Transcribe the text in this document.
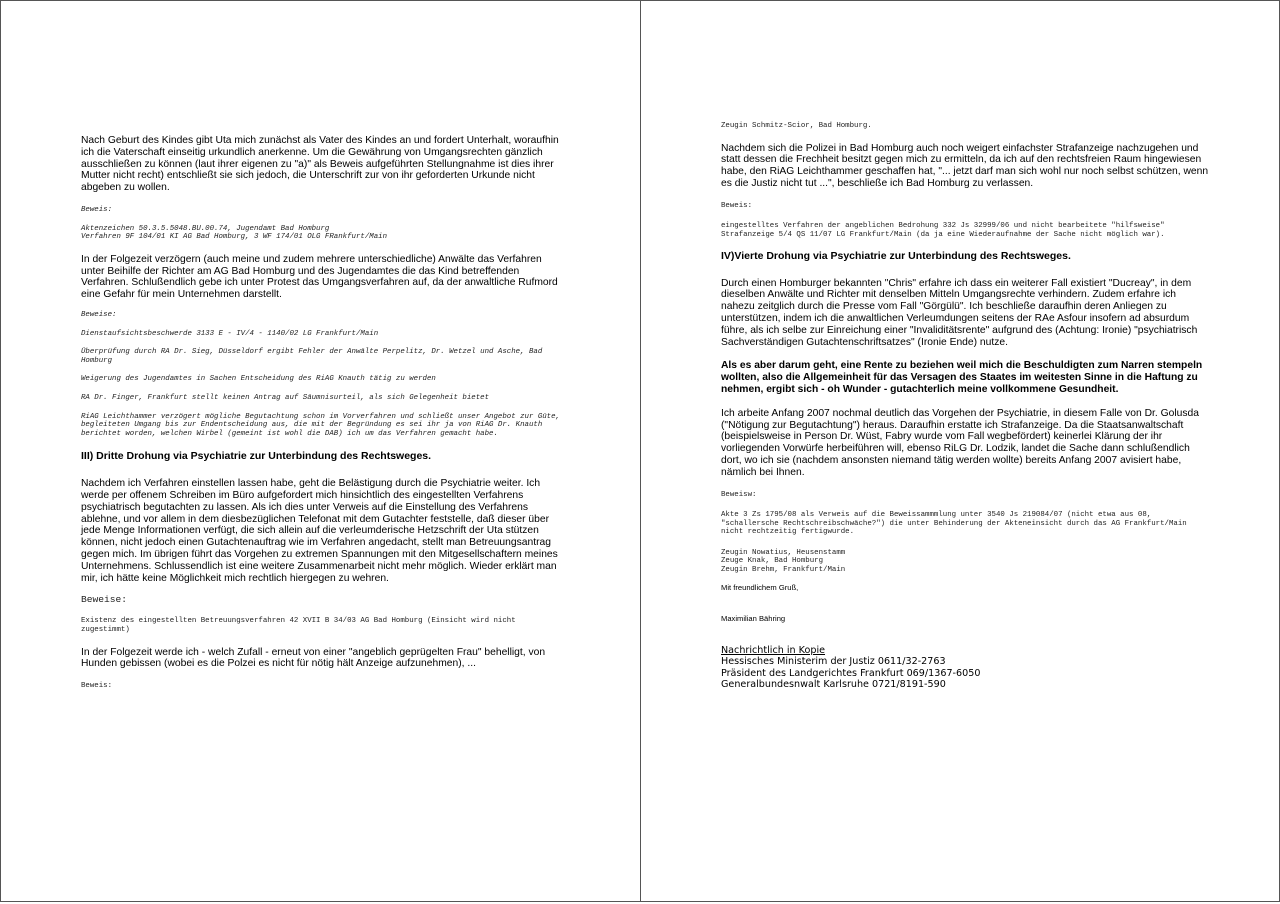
Nach Geburt des Kindes gibt Uta mich zunächst als Vater des Kindes an und fordert Unterhalt, woraufhin ich die Vaterschaft einseitig urkundlich anerkenne. Um die Gewährung von Umgangsrechten gänzlich ausschließen zu können (laut ihrer eigenen zu "a)" als Beweis aufgeführten Stellungnahme ist dies ihrer Mutter nicht recht) entschließt sie sich jedoch, die Unterschrift zur von ihr geforderten Urkunde nicht abgeben zu wollen.

Beweis:

Aktenzeichen 50.3.5.5048.BU.00.74, Jugendamt Bad Homburg
Verfahren 9F 104/01 KI AG Bad Homburg, 3 WF 174/01 OLG FRankfurt/Main

In der Folgezeit verzögern (auch meine und zudem mehrere unterschiedliche) Anwälte das Verfahren unter Beihilfe der Richter am AG Bad Homburg und des Jugendamtes die das Kind betreffenden Verfahren. Schlußendlich gebe ich unter Protest das Umgangsverfahren auf, da der anwaltliche Rufmord eine Gefahr für mein Unternehmen darstellt.

Beweise:

Dienstaufsichtsbeschwerde 3133 E - IV/4 - 1140/02 LG Frankfurt/Main

Überprüfung durch RA Dr. Sieg, Düsseldorf ergibt Fehler der Anwälte Perpelitz, Dr. Wetzel und Asche, Bad Homburg

Weigerung des Jugendamtes in Sachen Entscheidung des RiAG Knauth tätig zu werden

RA Dr. Finger, Frankfurt stellt keinen Antrag auf Säumnisurteil, als sich Gelegenheit bietet

RiAG Leichthammer verzögert mögliche Begutachtung schon im Vorverfahren und schließt unser Angebot zur Güte, begleiteten Umgang bis zur Endentscheidung aus, die mit der Begründung es sei ihr ja von RiAG Dr. Knauth berichtet worden, welchen Wirbel (gemeint ist wohl die DAB) ich um das Verfahren gemacht habe.

III) Dritte Drohung via Psychiatrie zur Unterbindung des Rechtsweges.

Nachdem ich Verfahren einstellen lassen habe, geht die Belästigung durch die Psychiatrie weiter. Ich werde per offenem Schreiben im Büro aufgefordert mich hinsichtlich des eingestellten Verfahrens psychiatrisch begutachten zu lassen. Als ich dies unter Verweis auf die Einstellung des Verfahrens ablehne, und vor allem in dem diesbezüglichen Telefonat mit dem Gutachter feststelle, daß dieser über jede Menge Informationen verfügt, die sich allein auf die verleumderische Hetzschrift der Uta stützen können, nicht jedoch einen Gutachtenauftrag wie im Verfahren angedacht, stellt man Betreuungsantrag gegen mich. Im übrigen führt das Vorgehen zu extremen Spannungen mit den Mitgesellschaftern meines Unternehmens. Schlussendlich ist eine weitere Zusammenarbeit nicht mehr möglich. Wieder erklärt man mir, ich hätte keine Möglichkeit mich rechtlich hiergegen zu wehren.

Beweise:

Existenz des eingestellten Betreuungsverfahren 42 XVII B 34/03 AG Bad Homburg (Einsicht wird nicht zugestimmt)

In der Folgezeit werde ich - welch Zufall - erneut von einer "angeblich geprügelten Frau" behelligt, von Hunden gebissen (wobei es die Polzei es nicht für nötig hält Anzeige aufzunehmen), ...

Beweis:

Zeugin Schmitz-Scior, Bad Homburg.

Nachdem sich die Polizei in Bad Homburg auch noch weigert einfachster Strafanzeige nachzugehen und statt dessen die Frechheit besitzt gegen mich zu ermitteln, da ich auf den rechtsfreien Raum hingewiesen habe, den RiAG Leichthammer geschaffen hat, "... jetzt darf man sich wohl nur noch selbst schützen, wenn es die Justiz nicht tut ...", beschließe ich Bad Homburg zu verlassen.

Beweis:

eingestelltes Verfahren der angeblichen Bedrohung 332 Js 32999/06 und nicht bearbeitete "hilfsweise" Strafanzeige 5/4 QS 11/07 LG Frankfurt/Main (da ja eine Wiederaufnahme der Sache nicht möglich war).

IV)Vierte Drohung via Psychiatrie zur Unterbindung des Rechtsweges.

Durch einen Homburger bekannten "Chris" erfahre ich dass ein weiterer Fall existiert "Ducreay", in dem dieselben Anwälte und Richter mit denselben Mitteln Umgangsrechte verhindern. Zudem erfahre ich nahezu zeitglich durch die Presse vom Fall "Görgülü". Ich beschließe daraufhin deren Anliegen zu unterstützen, indem ich die anwaltlichen Verleumdungen seitens der RAe Asfour insofern ad absurdum führe, als ich selbe zur Einreichung einer "Invaliditätsrente" aufgrund des (Achtung: Ironie) "psychiatrisch Sachverständigen Gutachtenschriftsatzes" (Ironie Ende) nutze.

Als es aber darum geht, eine Rente zu beziehen weil mich die Beschuldigten zum Narren stempeln wollten, also die Allgemeinheit für das Versagen des Staates im weitesten Sinne in die Haftung zu nehmen, ergibt sich - oh Wunder - gutachterlich meine vollkommene Gesundheit.

Ich arbeite Anfang 2007 nochmal deutlich das Vorgehen der Psychiatrie, in diesem Falle von Dr. Golusda ("Nötigung zur Begutachtung") heraus. Daraufhin erstatte ich Strafanzeige. Da die Staatsanwaltschaft (beispielsweise in Person Dr. Wüst, Fabry wurde vom Fall wegbefördert) keinerlei Klärung der ihr vorliegenden Vorwürfe herbeiführen will, ebenso RiLG Dr. Lodzik, landet die Sache dann schlußendlich dort, wo ich sie (nachdem ansonsten niemand tätig werden wollte) bereits Anfang 2007 avisiert habe, nämlich bei Ihnen.

Beweisw:

Akte 3 Zs 1795/08 als Verweis auf die Beweissammmlung unter 3540 Js 219084/07 (nicht etwa aus 08, "schallersche Rechtschreibschwäche?") die unter Behinderung der Akteneinsicht durch das AG Frankfurt/Main nicht rechtzeitig fertigwurde.

Zeugin Nowatius, Heusenstamm
Zeuge Knak, Bad Homburg
Zeugin Brehm, Frankfurt/Main

Mit freundlichem Gruß,

Maximilian Bähring

Nachrichtlich in Kopie

Hessisches Ministerim der Justiz 0611/32-2763

Präsident des Landgerichtes Frankfurt 069/1367-6050

Generalbundesnwalt Karlsruhe 0721/8191-590
